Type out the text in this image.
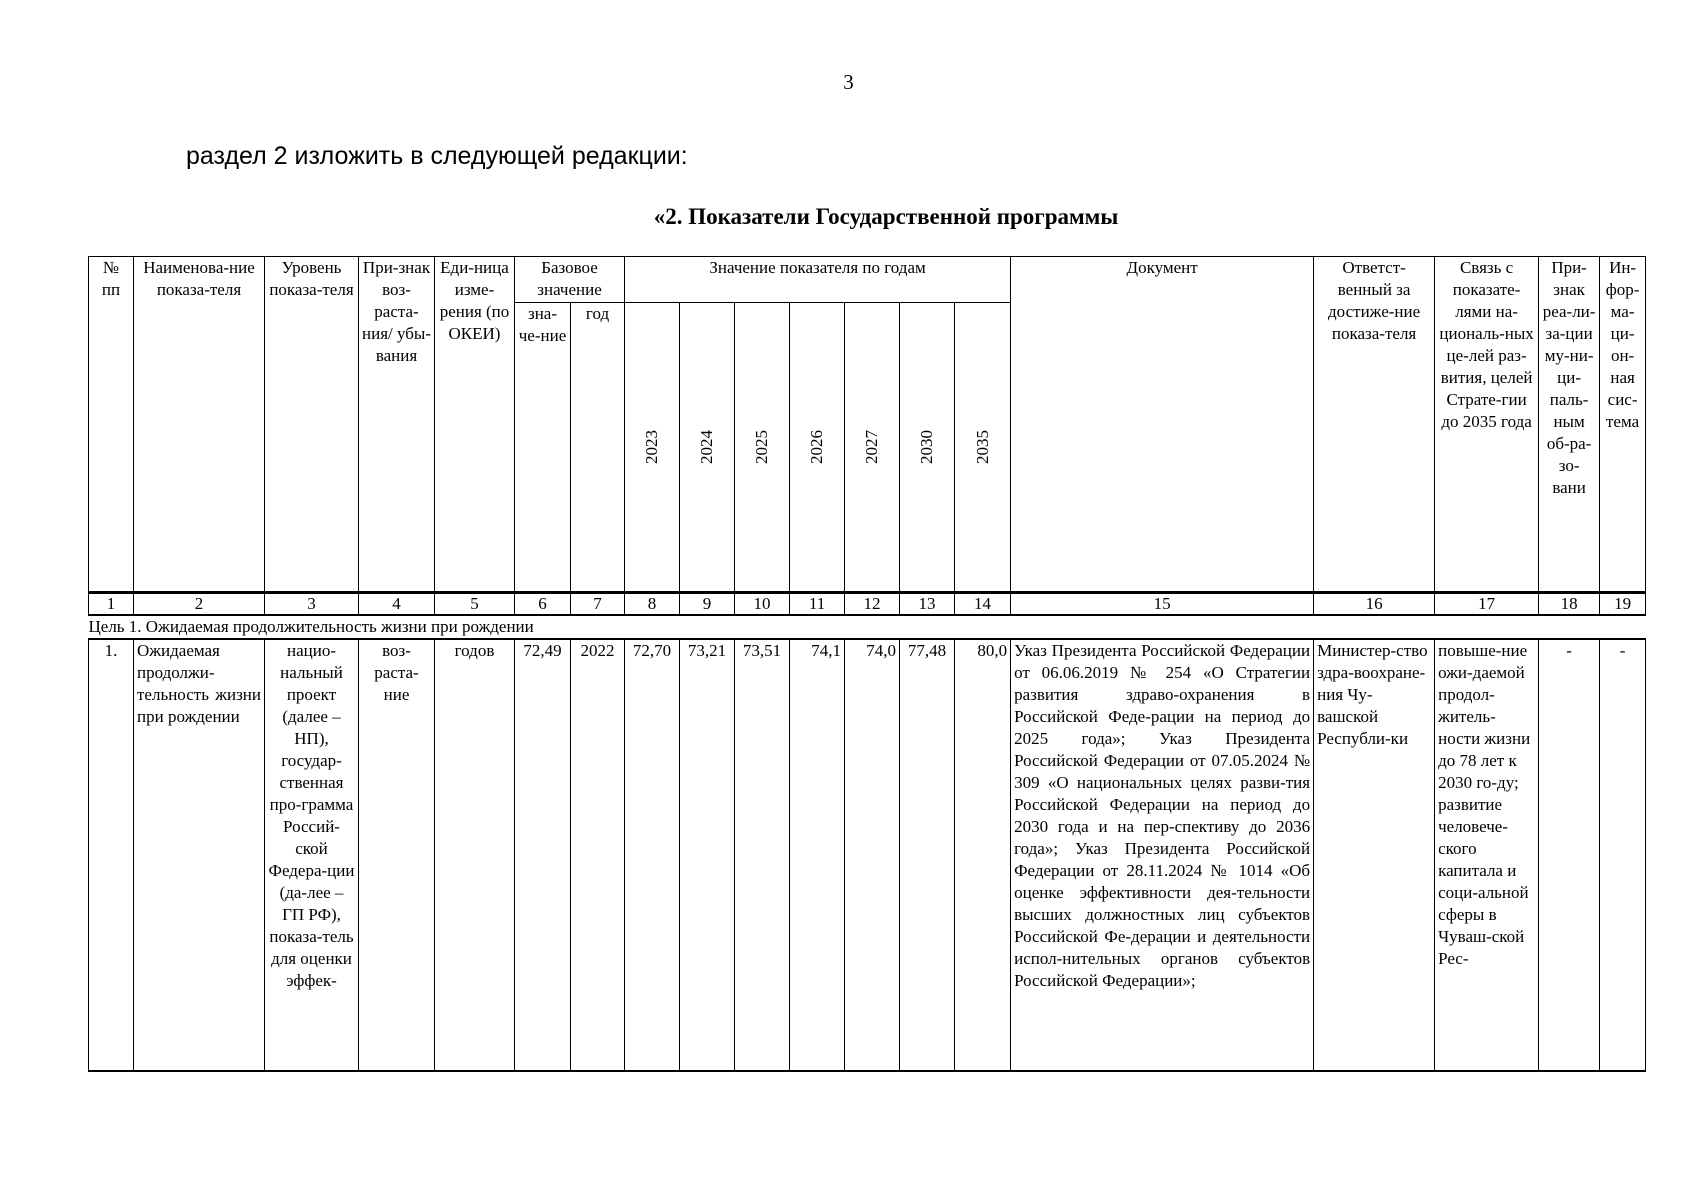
3
раздел 2 изложить в следующей редакции:
«2. Показатели Государственной программы
№ пп	Наименова-ние показа-теля	Уровень показа-теля	При-знак воз-раста-ния/ убы-вания	Еди-ница изме-рения (по ОКЕИ)	Базовое значение		Значение показателя по годам							Документ	Ответст-венный за достиже-ние показа-теля	Связь с показате-лями на-циональ-ных це-лей раз-вития, целей Страте-гии до 2035 года	При-знак реа-ли-за-ции му-ни-ци-паль-ным об-ра-зо-вани	Ин-фор-ма-ци-он-ная сис-тема
					зна-че-ние	год	2023	2024	2025	2026	2027	2030	2035					

1	2	3	4	5	6	7	8	9	10	11	12	13	14	15	16	17	18	19
Цель 1. Ожидаемая продолжительность жизни при рождении																		
1.	Ожидаемая продолжи-тельность жизни при рождении	нацио-нальный проект (далее – НП), государ-ственная про-грамма Россий-ской Федера-ции (да-лее – ГП РФ), показа-тель для оценки эффек-	воз-раста-ние	годов	72,49	2022	72,70	73,21	73,51	74,1	74,0	77,48	80,0	Указ Президента Российской Федерации от 06.06.2019 № 254 «О Стратегии развития здраво-охранения в Российской Феде-рации на период до 2025 года»; Указ Президента Российской Федерации от 07.05.2024 № 309 «О национальных целях разви-тия Российской Федерации на период до 2030 года и на пер-спективу до 2036 года»; Указ Президента Российской Федерации от 28.11.2024 № 1014 «Об оценке эффективности дея-тельности высших должностных лиц субъектов Российской Фе-дерации и деятельности испол-нительных органов субъектов Российской Федерации»;	Министер-ство здра-воохране-ния Чу-вашской Республи-ки	повыше-ние ожи-даемой продол-житель-ности жизни до 78 лет к 2030 го-ду; развитие человече-ского капитала и соци-альной сферы в Чуваш-ской Рес-	-	-
